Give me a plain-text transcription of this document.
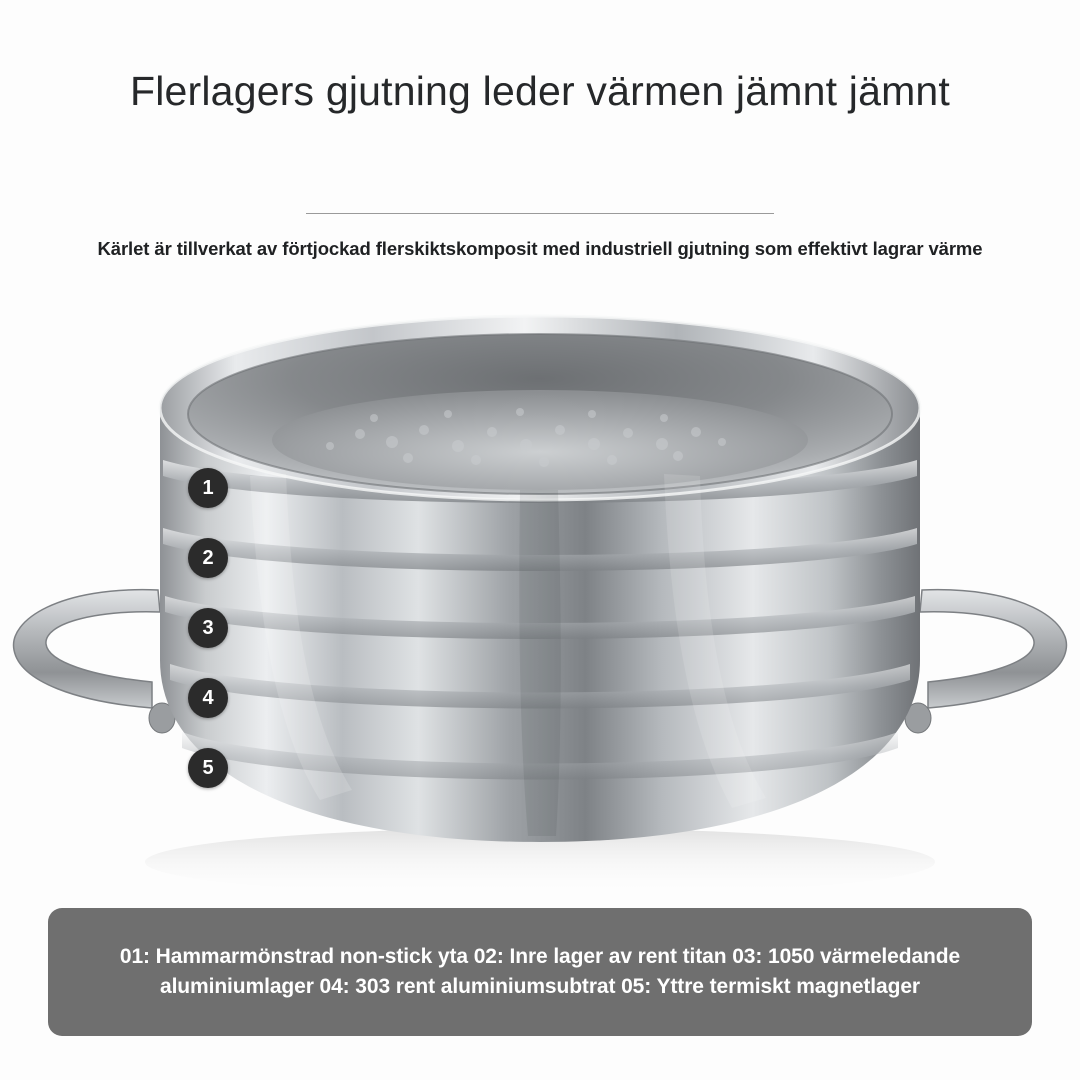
Flerlagers gjutning leder värmen jämnt jämnt
Kärlet är tillverkat av förtjockad flerskiktskomposit med industriell gjutning som effektivt lagrar värme
1
2
3
4
5
01: Hammarmönstrad non-stick yta 02: Inre lager av rent titan 03: 1050 värmeledande aluminiumlager 04: 303 rent aluminiumsubtrat 05: Yttre termiskt magnetlager
